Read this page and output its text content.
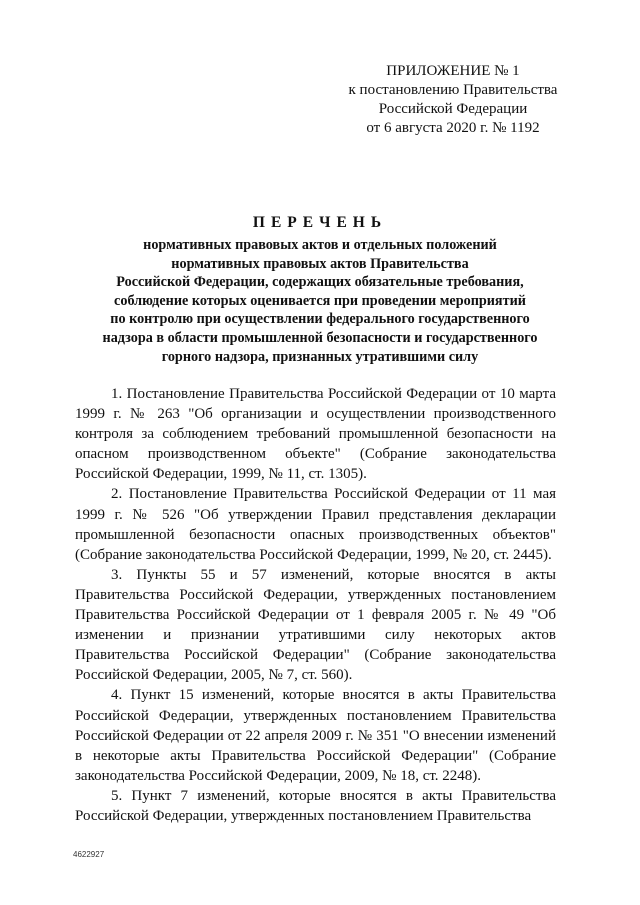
ПРИЛОЖЕНИЕ № 1
к постановлению Правительства
Российской Федерации
от 6 августа 2020 г. № 1192
ПЕРЕЧЕНЬ
нормативных правовых актов и отдельных положений
нормативных правовых актов Правительства
Российской Федерации, содержащих обязательные требования,
соблюдение которых оценивается при проведении мероприятий
по контролю при осуществлении федерального государственного
надзора в области промышленной безопасности и государственного
горного надзора, признанных утратившими силу

1. Постановление Правительства Российской Федерации от 10 марта 1999 г. № 263 "Об организации и осуществлении производственного контроля за соблюдением требований промышленной безопасности на опасном производственном объекте" (Собрание законодательства Российской Федерации, 1999, № 11, ст. 1305).

2. Постановление Правительства Российской Федерации от 11 мая 1999 г. № 526 "Об утверждении Правил представления декларации промышленной безопасности опасных производственных объектов" (Собрание законодательства Российской Федерации, 1999, № 20, ст. 2445).

3. Пункты 55 и 57 изменений, которые вносятся в акты Правительства Российской Федерации, утвержденных постановлением Правительства Российской Федерации от 1 февраля 2005 г. № 49 "Об изменении и признании утратившими силу некоторых актов Правительства Российской Федерации" (Собрание законодательства Российской Федерации, 2005, № 7, ст. 560).

4. Пункт 15 изменений, которые вносятся в акты Правительства Российской Федерации, утвержденных постановлением Правительства Российской Федерации от 22 апреля 2009 г. № 351 "О внесении изменений в некоторые акты Правительства Российской Федерации" (Собрание законодательства Российской Федерации, 2009, № 18, ст. 2248).

5. Пункт 7 изменений, которые вносятся в акты Правительства Российской Федерации, утвержденных постановлением Правительства

4622927
